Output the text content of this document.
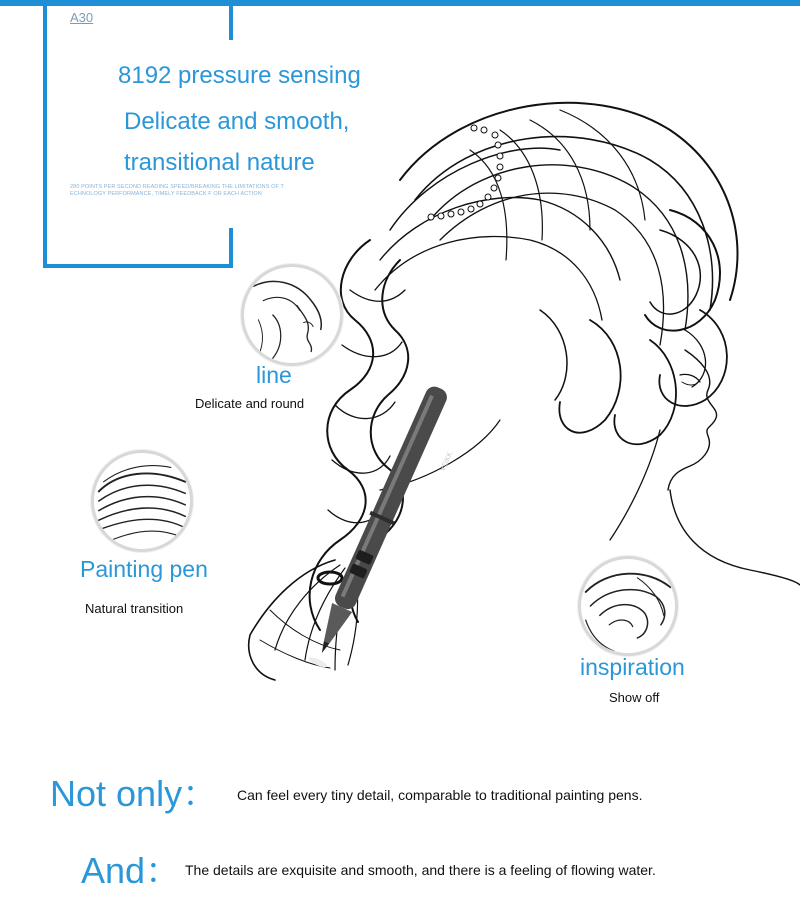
A30
8192 pressure sensing
Delicate and smooth,
transitional nature
280 POINTS PER SECOND READING SPEED/BREAKING THE LIMITATIONS OF T ECHNOLOGY PERFORMANCE, TIMELY FEEDBACK F OR EACH ACTION
VEIKK
line
Delicate and round
Painting pen
Natural transition
inspiration
Show off
Not only： Can feel every tiny detail, comparable to traditional painting pens.
And： The details are exquisite and smooth, and there is a feeling of flowing water.
